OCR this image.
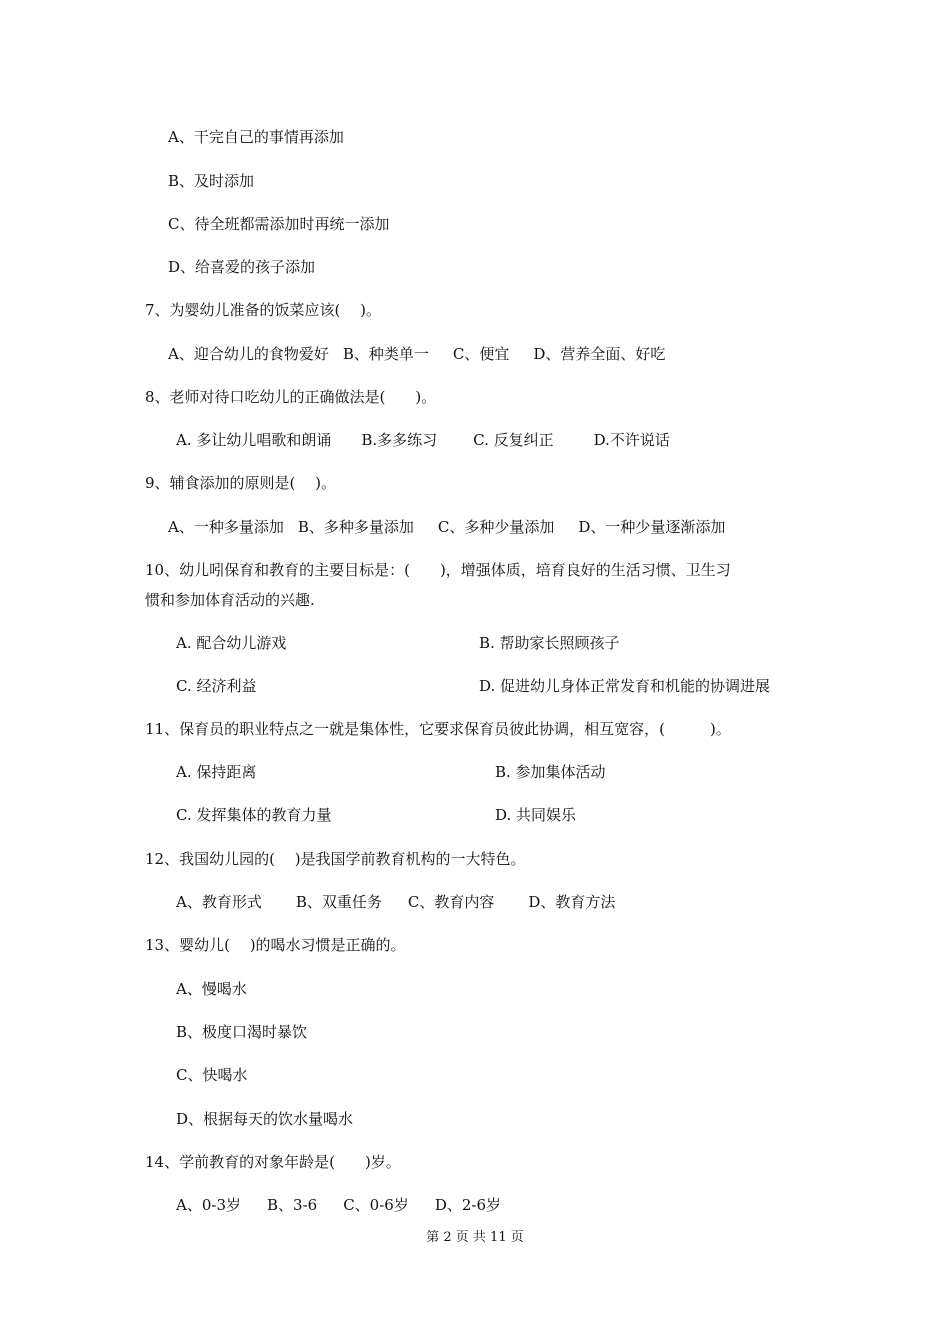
A、干完自己的事情再添加
B、及时添加
C、待全班都需添加时再统一添加
D、给喜爱的孩子添加
7、为婴幼儿准备的饭菜应该(　 )。
A、迎合幼儿的食物爱好 B、种类单一 C、便宜 D、营养全面、好吃
8、老师对待口吃幼儿的正确做法是(　　)。
A. 多让幼儿唱歌和朗诵 B.多多练习 C. 反复纠正	D.不许说话
9、辅食添加的原则是(　 )。
A、一种多量添加 B、多种多量添加 C、多种少量添加 D、一种少量逐渐添加
10、幼儿吲保育和教育的主要目标是：(　　)，增强体质，培育良好的生活习惯、卫生习
惯和参加体育活动的兴趣.
A. 配合幼儿游戏	B. 帮助家长照顾孩子
C. 经济利益	D. 促进幼儿身体正常发育和机能的协调进展
11、保育员的职业特点之一就是集体性，它要求保育员彼此协调，相互宽容，(　　　)。
A. 保持距离	B. 参加集体活动
C. 发挥集体的教育力量	D. 共同娱乐
12、我国幼儿园的(　 )是我国学前教育机构的一大特色。
A、教育形式 B、双重任务 C、教育内容 D、教育方法
13、婴幼儿(　 )的喝水习惯是正确的。
A、慢喝水
B、极度口渴时暴饮
C、快喝水
D、根据每天的饮水量喝水
14、学前教育的对象年龄是(　　)岁。
A、0-3岁 B、3-6 C、0-6岁 D、2-6岁
第 2 页 共 11 页
